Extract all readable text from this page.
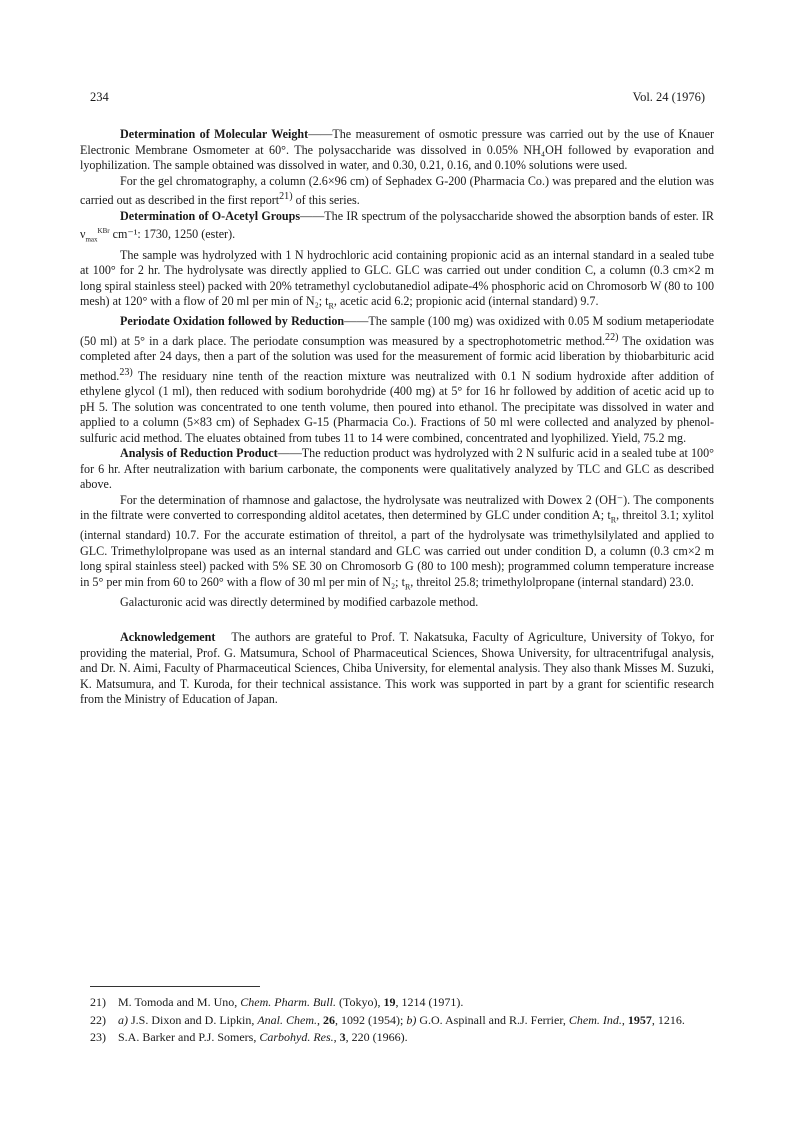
234	Vol. 24 (1976)

Determination of Molecular Weight——The measurement of osmotic pressure was carried out by the use of Knauer Electronic Membrane Osmometer at 60°. The polysaccharide was dissolved in 0.05% NH₄OH followed by evaporation and lyophilization. The sample obtained was dissolved in water, and 0.30, 0.21, 0.16, and 0.10% solutions were used.

For the gel chromatography, a column (2.6×96 cm) of Sephadex G-200 (Pharmacia Co.) was prepared and the elution was carried out as described in the first report$^{21)}$ of this series.

Determination of O-Acetyl Groups——The IR spectrum of the polysaccharide showed the absorption bands of ester. IR $\nu_{max}^{KBr}$ cm⁻¹: 1730, 1250 (ester).

The sample was hydrolyzed with 1 N hydrochloric acid containing propionic acid as an internal standard in a sealed tube at 100° for 2 hr. The hydrolysate was directly applied to GLC. GLC was carried out under condition C, a column (0.3 cm×2 m long spiral stainless steel) packed with 20% tetramethyl cyclobutanediol adipate-4% phosphoric acid on Chromosorb W (80 to 100 mesh) at 120° with a flow of 20 ml per min of N₂; $t_R$, acetic acid 6.2; propionic acid (internal standard) 9.7.

Periodate Oxidation followed by Reduction——The sample (100 mg) was oxidized with 0.05 M sodium metaperiodate (50 ml) at 5° in a dark place. The periodate consumption was measured by a spectrophotometric method.$^{22)}$ The oxidation was completed after 24 days, then a part of the solution was used for the measurement of formic acid liberation by thiobarbituric acid method.$^{23)}$ The residuary nine tenth of the reaction mixture was neutralized with 0.1 N sodium hydroxide after addition of ethylene glycol (1 ml), then reduced with sodium borohydride (400 mg) at 5° for 16 hr followed by addition of acetic acid up to pH 5. The solution was concentrated to one tenth volume, then poured into ethanol. The precipitate was dissolved in water and applied to a column (5×83 cm) of Sephadex G-15 (Pharmacia Co.). Fractions of 50 ml were collected and analyzed by phenol-sulfuric acid method. The eluates obtained from tubes 11 to 14 were combined, concentrated and lyophilized. Yield, 75.2 mg.

Analysis of Reduction Product——The reduction product was hydrolyzed with 2 N sulfuric acid in a sealed tube at 100° for 6 hr. After neutralization with barium carbonate, the components were qualitatively analyzed by TLC and GLC as described above.

For the determination of rhamnose and galactose, the hydrolysate was neutralized with Dowex 2 (OH⁻). The components in the filtrate were converted to corresponding alditol acetates, then determined by GLC under condition A; $t_R$, threitol 3.1; xylitol (internal standard) 10.7. For the accurate estimation of threitol, a part of the hydrolysate was trimethylsilylated and applied to GLC. Trimethylolpropane was used as an internal standard and GLC was carried out under condition D, a column (0.3 cm×2 m long spiral stainless steel) packed with 5% SE 30 on Chromosorb G (80 to 100 mesh); programmed column temperature increase in 5° per min from 60 to 260° with a flow of 30 ml per min of N₂; $t_R$, threitol 25.8; trimethylolpropane (internal standard) 23.0.

Galacturonic acid was directly determined by modified carbazole method.

Acknowledgement The authors are grateful to Prof. T. Nakatsuka, Faculty of Agriculture, University of Tokyo, for providing the material, Prof. G. Matsumura, School of Pharmaceutical Sciences, Showa University, for ultracentrifugal analysis, and Dr. N. Aimi, Faculty of Pharmaceutical Sciences, Chiba University, for elemental analysis. They also thank Misses M. Suzuki, K. Matsumura, and T. Kuroda, for their technical assistance. This work was supported in part by a grant for scientific research from the Ministry of Education of Japan.

21)	M. Tomoda and M. Uno, Chem. Pharm. Bull. (Tokyo), 19, 1214 (1971).
22)	a) J.S. Dixon and D. Lipkin, Anal. Chem., 26, 1092 (1954); b) G.O. Aspinall and R.J. Ferrier, Chem. Ind., 1957, 1216.
23)	S.A. Barker and P.J. Somers, Carbohyd. Res., 3, 220 (1966).
